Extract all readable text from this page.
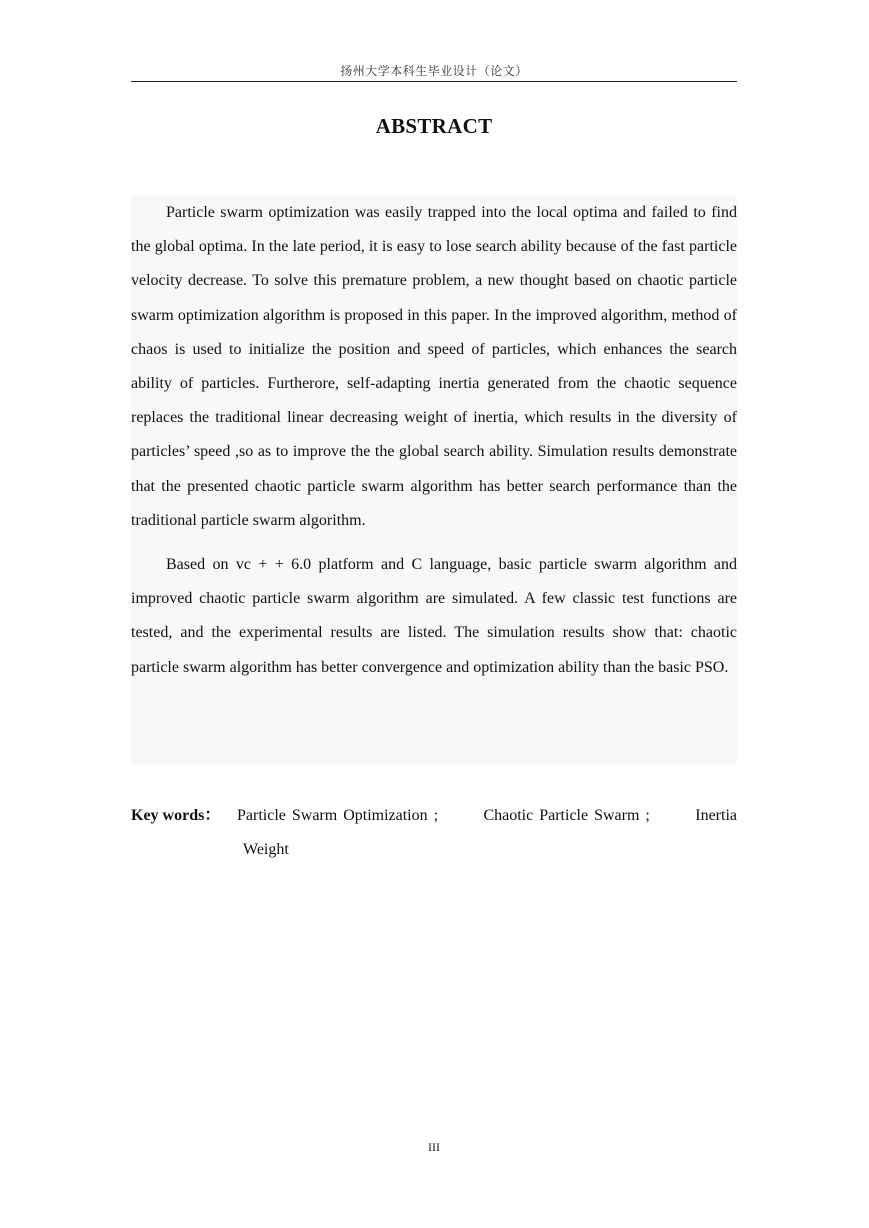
扬州大学本科生毕业设计（论文）
ABSTRACT

Particle swarm optimization was easily trapped into the local optima and failed to find the global optima. In the late period, it is easy to lose search ability because of the fast particle velocity decrease. To solve this premature problem, a new thought based on chaotic particle swarm optimization algorithm is proposed in this paper. In the improved algorithm, method of chaos is used to initialize the position and speed of particles, which enhances the search ability of particles. Furtherore, self-adapting inertia generated from the chaotic sequence replaces the traditional linear decreasing weight of inertia, which results in the diversity of particles’ speed ,so as to improve the the global search ability. Simulation results demonstrate that the presented chaotic particle swarm algorithm has better search performance than the traditional particle swarm algorithm.

Based on vc + + 6.0 platform and C language, basic particle swarm algorithm and improved chaotic particle swarm algorithm are simulated. A few classic test functions are tested, and the experimental results are listed. The simulation results show that: chaotic particle swarm algorithm has better convergence and optimization ability than the basic PSO.

Key words： Particle Swarm Optimization ;	Chaotic Particle Swarm ;	Inertia
Weight
III
